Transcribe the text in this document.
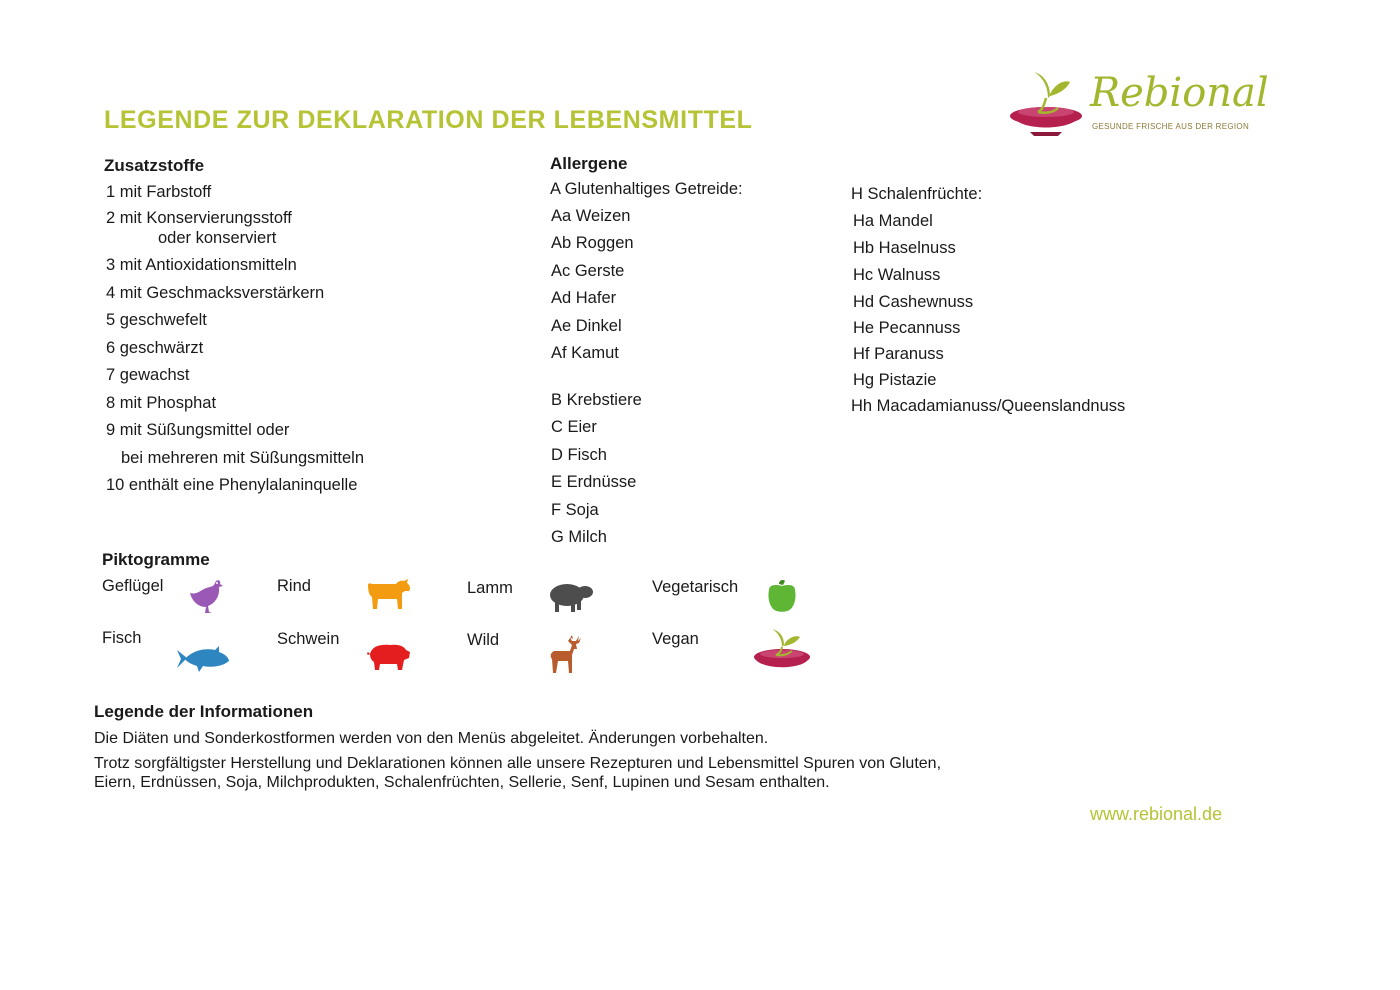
LEGENDE ZUR DEKLARATION DER LEBENSMITTEL
Rebional
GESUNDE FRISCHE AUS DER REGION
Zusatzstoffe
1 mit Farbstoff
2 mit Konservierungsstoff
oder konserviert
3 mit Antioxidationsmitteln
4 mit Geschmacksverstärkern
5 geschwefelt
6 geschwärzt
7 gewachst
8 mit Phosphat
9 mit Süßungsmittel oder
bei mehreren mit Süßungsmitteln
10 enthält eine Phenylalaninquelle
Allergene
A Glutenhaltiges Getreide:
Aa Weizen
Ab Roggen
Ac Gerste
Ad Hafer
Ae Dinkel
Af Kamut
B Krebstiere
C Eier
D Fisch
E Erdnüsse
F Soja
G Milch
H Schalenfrüchte:
Ha Mandel
Hb Haselnuss
Hc Walnuss
Hd Cashewnuss
He Pecannuss
Hf Paranuss
Hg Pistazie
Hh Macadamianuss/Queenslandnuss
Piktogramme
Geflügel	Rind	Lamm	Vegetarisch
Fisch	Schwein	Wild	Vegan
Legende der Informationen
Die Diäten und Sonderkostformen werden von den Menüs abgeleitet. Änderungen vorbehalten.
Trotz sorgfältigster Herstellung und Deklarationen können alle unsere Rezepturen und Lebensmittel Spuren von Gluten,
Eiern, Erdnüssen, Soja, Milchprodukten, Schalenfrüchten, Sellerie, Senf, Lupinen und Sesam enthalten.
www.rebional.de
